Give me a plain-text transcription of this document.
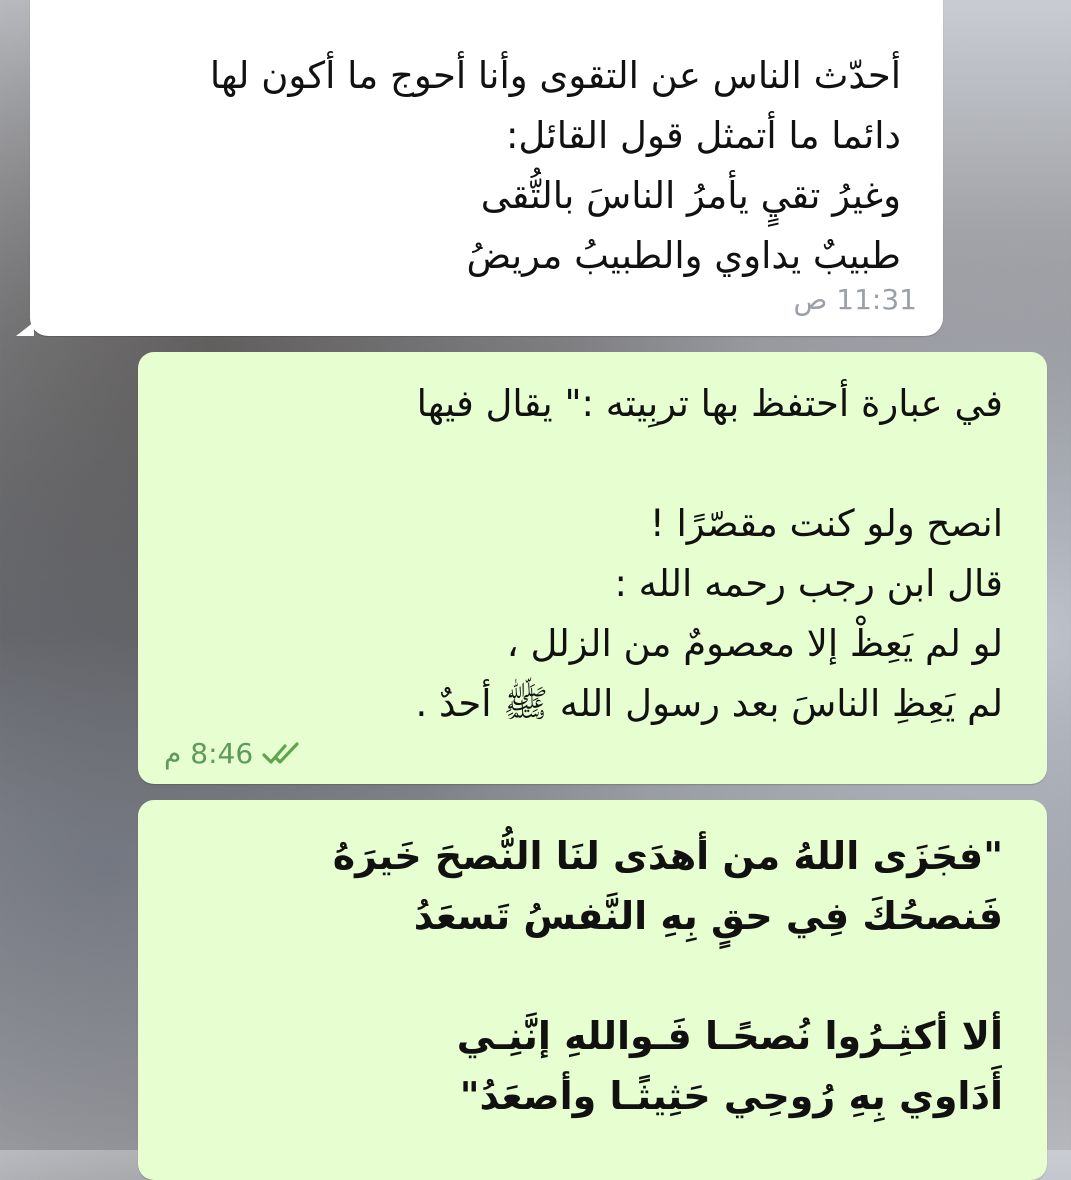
أحدّث الناس عن التقوى وأنا أحوج ما أكون لها
دائما ما أتمثل قول القائل:
وغيرُ تقيٍ يأمرُ الناسَ بالتُّقى
طبيبٌ يداوي والطبيبُ مريضُ
11:31 ص
في عبارة أحتفظ بها تربِيته :" يقال فيها
انصح ولو كنت مقصّرًا !
قال ابن رجب رحمه الله :
لو لم يَعِظْ إلا معصومٌ من الزلل ،
لم يَعِظِ الناسَ بعد رسول الله ﷺ أحدٌ .
8:46 م
"فجَزَى اللهُ من أهدَى لنَا النُّصحَ خَيرَهُ
فَنصحُكَ فِي حقٍ بِهِ النَّفسُ تَسعَدُ
ألا أكثِـرُوا نُصحًـا فَـواللهِ إنَّنِـي
أَدَاوي بِهِ رُوحِي حَثِيثًـا وأصعَدُ"
